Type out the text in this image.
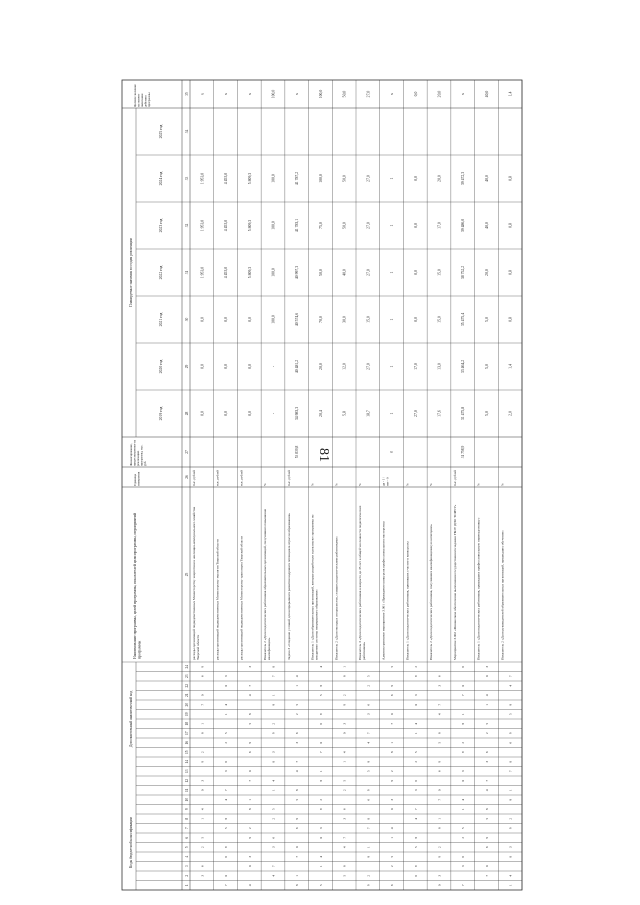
81
Коды бюджетной классификации
Дополнительный аналитический код
Наименование программы, целей программы, показателей цели программы, мероприятий программы
Единица измерения
Финансирование, предусмотренное на реализацию программы, тыс. руб.
Планируемые значения по годам реализации
Целевое значение на момент окончания действия программы
2019 год
2020 год
2021 год
2022 год
2023 год
2024 год
2025 год
1
2
3
4
5
6
7
8
9
10
11
12
13
14
15
16
17
18
19
20
21
22
23
24
25
26
27
28
29
30
31
32
33
34
35
3
6
2
5
1
4
0
3
9
2
8
1
7
0
6
9
расходы организаций подведомственных Министерству энергетики и жилищно-коммунального хозяйства Тверской области
тыс. рублей
0,0
0,0
0,0
1 953,0
1 953,0
1 953,0
х
7
0
6
9
5
8
4
7
3
6
2
5
1
4
0
3
расходы организаций подведомственных Министерству экологии Тверской области
тыс. рублей
0,0
0,0
0,0
4 453,0
4 453,0
4 453,0
х
4
0
3
9
2
8
1
7
0
6
9
5
8
4
7
3
расходы организаций подведомственных Министерству транспорта Тверской области
тыс. рублей
0,0
0,0
0,0
5 809,3
5 809,3
5 809,3
х
4
7
3
6
2
5
1
4
0
3
9
2
8
1
7
0
Показатель 2 «Доля педагогических работников образовательных организаций, получивших повышение квалификации»
%
-
-
100,0
100,0
100,0
100,0
100,0
8
1
7
0
6
9
5
8
4
7
3
6
2
5
1
4
Задача 3 «Создание условий для непрерывного развития кадрового потенциала отрасли образования»
тыс. рублей
53 839,8
34 983,3
40 481,2
40 574,6
40 997,3
41 783,1
41 787,2
х
5
1
4
0
3
9
2
8
1
7
0
6
9
5
8
4
Показатель 1 «Доля образовательных организаций, которые разработали и реализуют программы по внедрению системы непрерывного образования»
%
20,4
20,0
70,0
50,0
75,0
100,0
100,0
5
8
4
7
3
6
2
5
1
4
0
3
9
2
8
1
Показатель 2 «Доля молодых специалистов, ставших педагогическими работниками»
%
5,8
12,0
30,0
40,0
50,0
50,0
50,0
9
2
8
1
7
0
6
9
5
8
4
7
3
6
2
5
Показатель 3 «Доля педагогических работников в возрасте до 35 лет в общей численности педагогических работников»
%
18,7
27,0
15,0
27,0
27,0
27,0
27,0
6
2
5
1
4
0
3
9
2
8
1
7
0
6
9
5
Административное мероприятие 3.001 «Проведение конкурсов профессионального мастерства»
да - 1 / нет - 0
0
1
1
1
1
1
1
х
6
9
5
8
4
7
3
6
2
5
1
4
0
3
9
2
Показатель 1 «Доля педагогических работников, принявших участие в конкурсах»
%
27,0
17,0
0,0
0,0
0,0
0,0
0,0
0
3
9
2
8
1
7
0
6
9
5
8
4
7
3
6
Показатель 2 «Доля педагогических работников, получивших квалификационную категорию»
%
17,6
13,0
15,0
15,0
17,0
20,0
20,0
7
3
6
2
5
1
4
0
3
9
2
8
1
7
0
6
Мероприятие 3.002 «Финансовое обеспечение выполнения государственного задания ГБОУ ДПО ТОИУУ»
тыс. рублей
31 758,9
31 475,8
33 464,2
35 475,4
38 752,2
39 486,0
39 472,3
х
7
0
6
9
5
8
4
7
3
6
2
5
1
4
0
3
Показатель 1 «Доля педагогических работников, прошедших профессиональную переподготовку»
%
5,0
5,0
5,0
20,0
40,0
40,0
40,0
1
4
0
3
9
2
8
1
7
0
6
9
5
8
4
7
Показатель 2 «Доля руководителей образовательных организаций, прошедших обучение»
%
2,0
1,4
0,8
0,8
0,8
0,8
1,4
